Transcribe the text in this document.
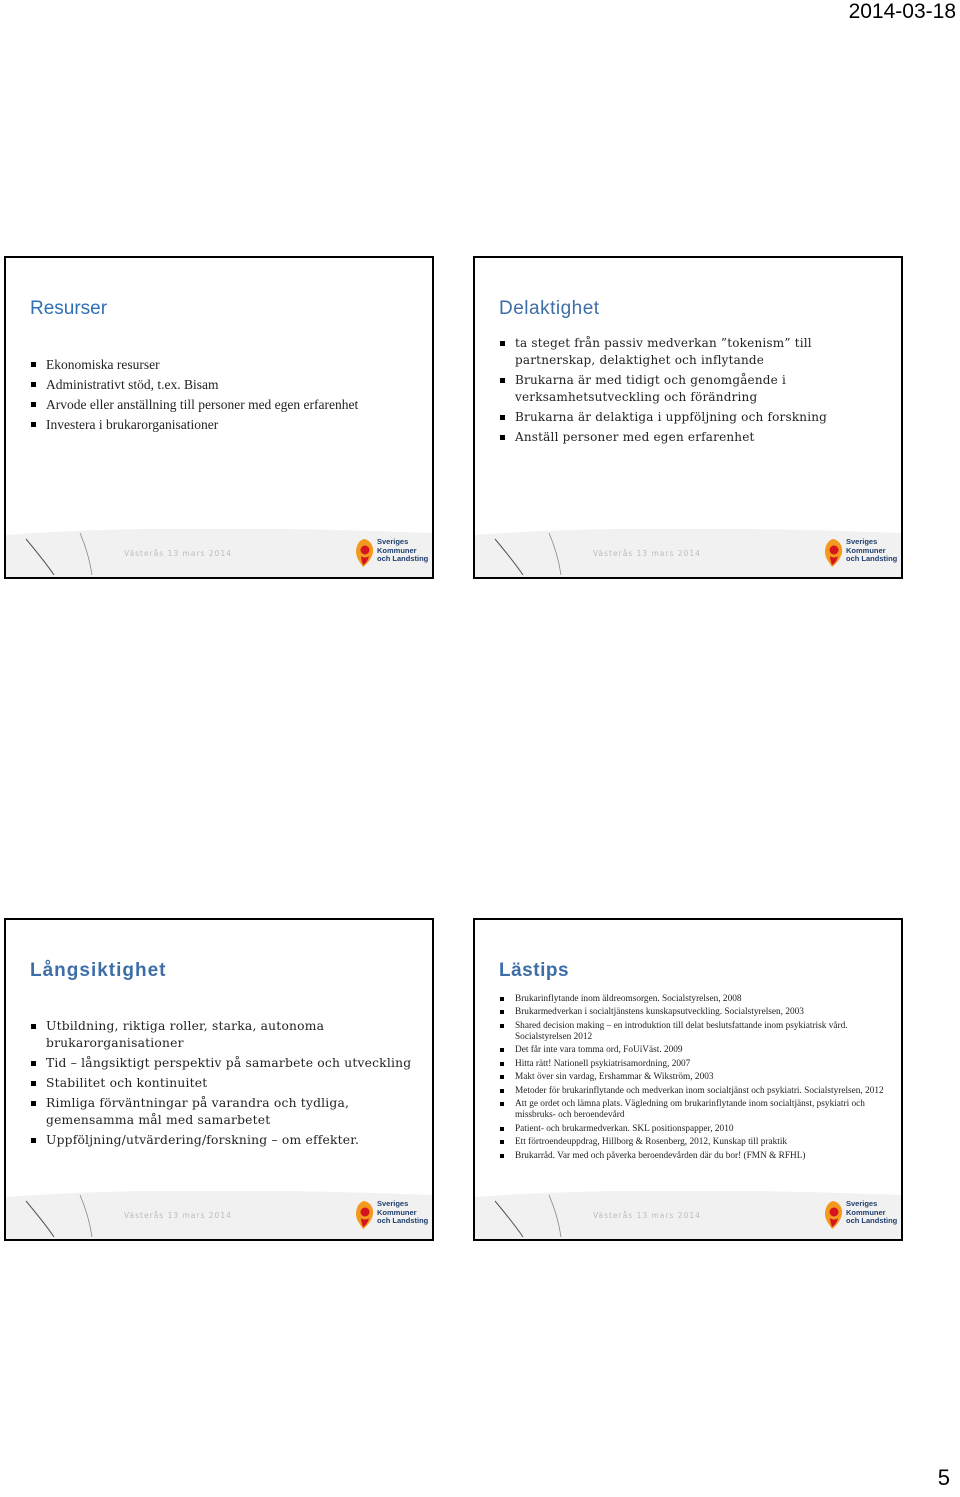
2014-03-18
Resurser
Ekonomiska resurser
Administrativt stöd, t.ex. Bisam
Arvode eller anställning till personer med egen erfarenhet
Investera i brukarorganisationer
Västerås 13 mars 2014
Sveriges
Kommuner
och Landsting
Delaktighet
ta steget från passiv medverkan ”tokenism” till partnerskap, delaktighet och inflytande
Brukarna är med tidigt och genomgående i verksamhetsutveckling och förändring
Brukarna är delaktiga i uppföljning och forskning
Anställ personer med egen erfarenhet
Västerås 13 mars 2014
Sveriges
Kommuner
och Landsting
Långsiktighet
Utbildning, riktiga roller, starka, autonoma brukarorganisationer
Tid – långsiktigt perspektiv på samarbete och utveckling
Stabilitet och kontinuitet
Rimliga förväntningar på varandra och tydliga, gemensamma mål med samarbetet
Uppföljning/utvärdering/forskning – om effekter.
Västerås 13 mars 2014
Sveriges
Kommuner
och Landsting
Lästips
Brukarinflytande inom äldreomsorgen. Socialstyrelsen, 2008
Brukarmedverkan i socialtjänstens kunskapsutveckling. Socialstyrelsen, 2003
Shared decision making – en introduktion till delat beslutsfattande inom psykiatrisk vård. Socialstyrelsen 2012
Det får inte vara tomma ord, FoUiVäst. 2009
Hitta rätt! Nationell psykiatrisamordning, 2007
Makt över sin vardag, Ershammar & Wikström, 2003
Metoder för brukarinflytande och medverkan inom socialtjänst och psykiatri. Socialstyrelsen, 2012
Att ge ordet och lämna plats. Vägledning om brukarinflytande inom socialtjänst, psykiatri och missbruks- och beroendevård
Patient- och brukarmedverkan. SKL positionspapper, 2010
Ett förtroendeuppdrag, Hillborg & Rosenberg, 2012, Kunskap till praktik
Brukarråd. Var med och påverka beroendevården där du bor! (FMN & RFHL)
Västerås 13 mars 2014
Sveriges
Kommuner
och Landsting
5
